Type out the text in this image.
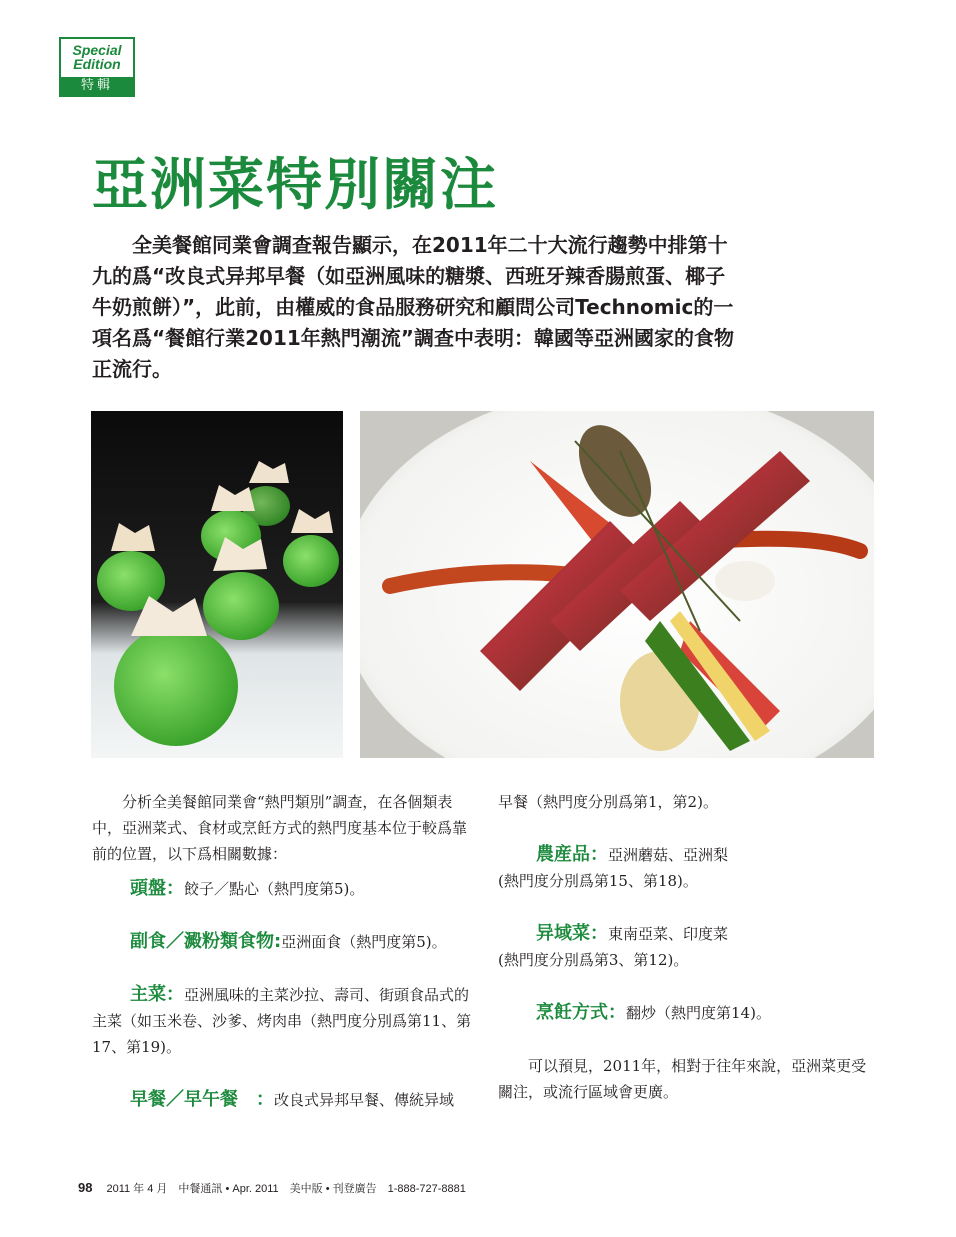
Special
Edition
特輯
亞洲菜特別關注

全美餐館同業會調查報告顯示，在2011年二十大流行趨勢中排第十九的爲“改良式异邦早餐（如亞洲風味的糖漿、西班牙辣香腸煎蛋、椰子牛奶煎餅）”，此前，由權威的食品服務研究和顧問公司Technomic的一項名爲“餐館行業2011年熱門潮流”調查中表明：韓國等亞洲國家的食物正流行。

分析全美餐館同業會“熱門類別”調查，在各個類表中，亞洲菜式、食材或烹飪方式的熱門度基本位于較爲靠前的位置，以下爲相關數據：

頭盤：餃子／點心（熱門度第5)。

副食／澱粉類食物:亞洲面食（熱門度第5)。

主菜：亞洲風味的主菜沙拉、壽司、街頭食品式的主菜（如玉米卷、沙爹、烤肉串（熱門度分別爲第11、第17、第19)。

早餐／早午餐　：改良式异邦早餐、傳統异域

早餐（熱門度分別爲第1，第2)。

農産品：亞洲蘑菇、亞洲梨

(熱門度分別爲第15、第18)。

异域菜：東南亞菜、印度菜

(熱門度分別爲第3、第12)。

烹飪方式：翻炒（熱門度第14)。

可以預見，2011年，相對于往年來說，亞洲菜更受關注，或流行區域會更廣。

98 2011 年 4 月　中餐通訊 • Apr. 2011　美中版 • 刊登廣告　1-888-727-8881
